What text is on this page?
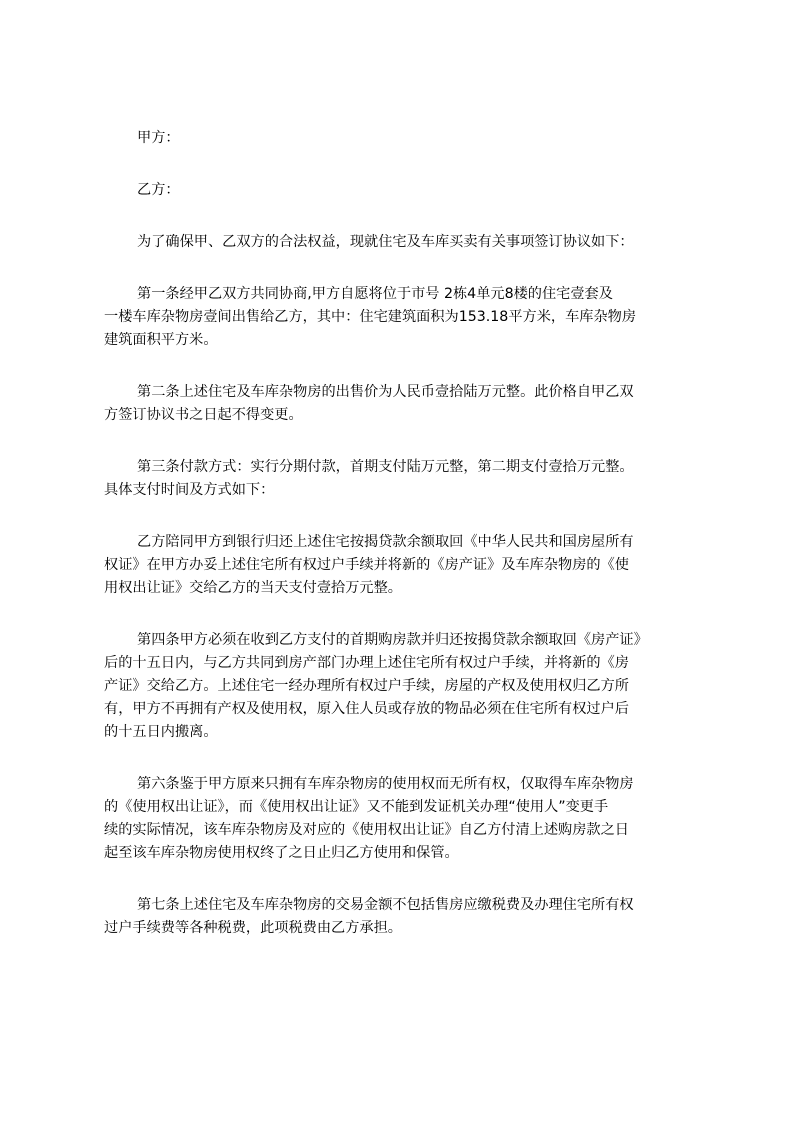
甲方：

乙方：

为了确保甲、乙双方的合法权益，现就住宅及车库买卖有关事项签订协议如下：

第一条经甲乙双方共同协商,甲方自愿将位于市号 2栋4单元8楼的住宅壹套及
一楼车库杂物房壹间出售给乙方，其中：住宅建筑面积为153.18平方米，车库杂物房
建筑面积平方米。

第二条上述住宅及车库杂物房的出售价为人民币壹拾陆万元整。此价格自甲乙双
方签订协议书之日起不得变更。

第三条付款方式：实行分期付款，首期支付陆万元整，第二期支付壹拾万元整。
具体支付时间及方式如下：

乙方陪同甲方到银行归还上述住宅按揭贷款余额取回《中华人民共和国房屋所有
权证》在甲方办妥上述住宅所有权过户手续并将新的《房产证》及车库杂物房的《使
用权出让证》交给乙方的当天支付壹拾万元整。

第四条甲方必须在收到乙方支付的首期购房款并归还按揭贷款余额取回《房产证》
后的十五日内，与乙方共同到房产部门办理上述住宅所有权过户手续，并将新的《房
产证》交给乙方。上述住宅一经办理所有权过户手续，房屋的产权及使用权归乙方所
有，甲方不再拥有产权及使用权，原入住人员或存放的物品必须在住宅所有权过户后
的十五日内搬离。

第六条鉴于甲方原来只拥有车库杂物房的使用权而无所有权，仅取得车库杂物房
的《使用权出让证》，而《使用权出让证》又不能到发证机关办理“使用人”变更手
续的实际情况，该车库杂物房及对应的《使用权出让证》自乙方付清上述购房款之日
起至该车库杂物房使用权终了之日止归乙方使用和保管。

第七条上述住宅及车库杂物房的交易金额不包括售房应缴税费及办理住宅所有权
过户手续费等各种税费，此项税费由乙方承担。
